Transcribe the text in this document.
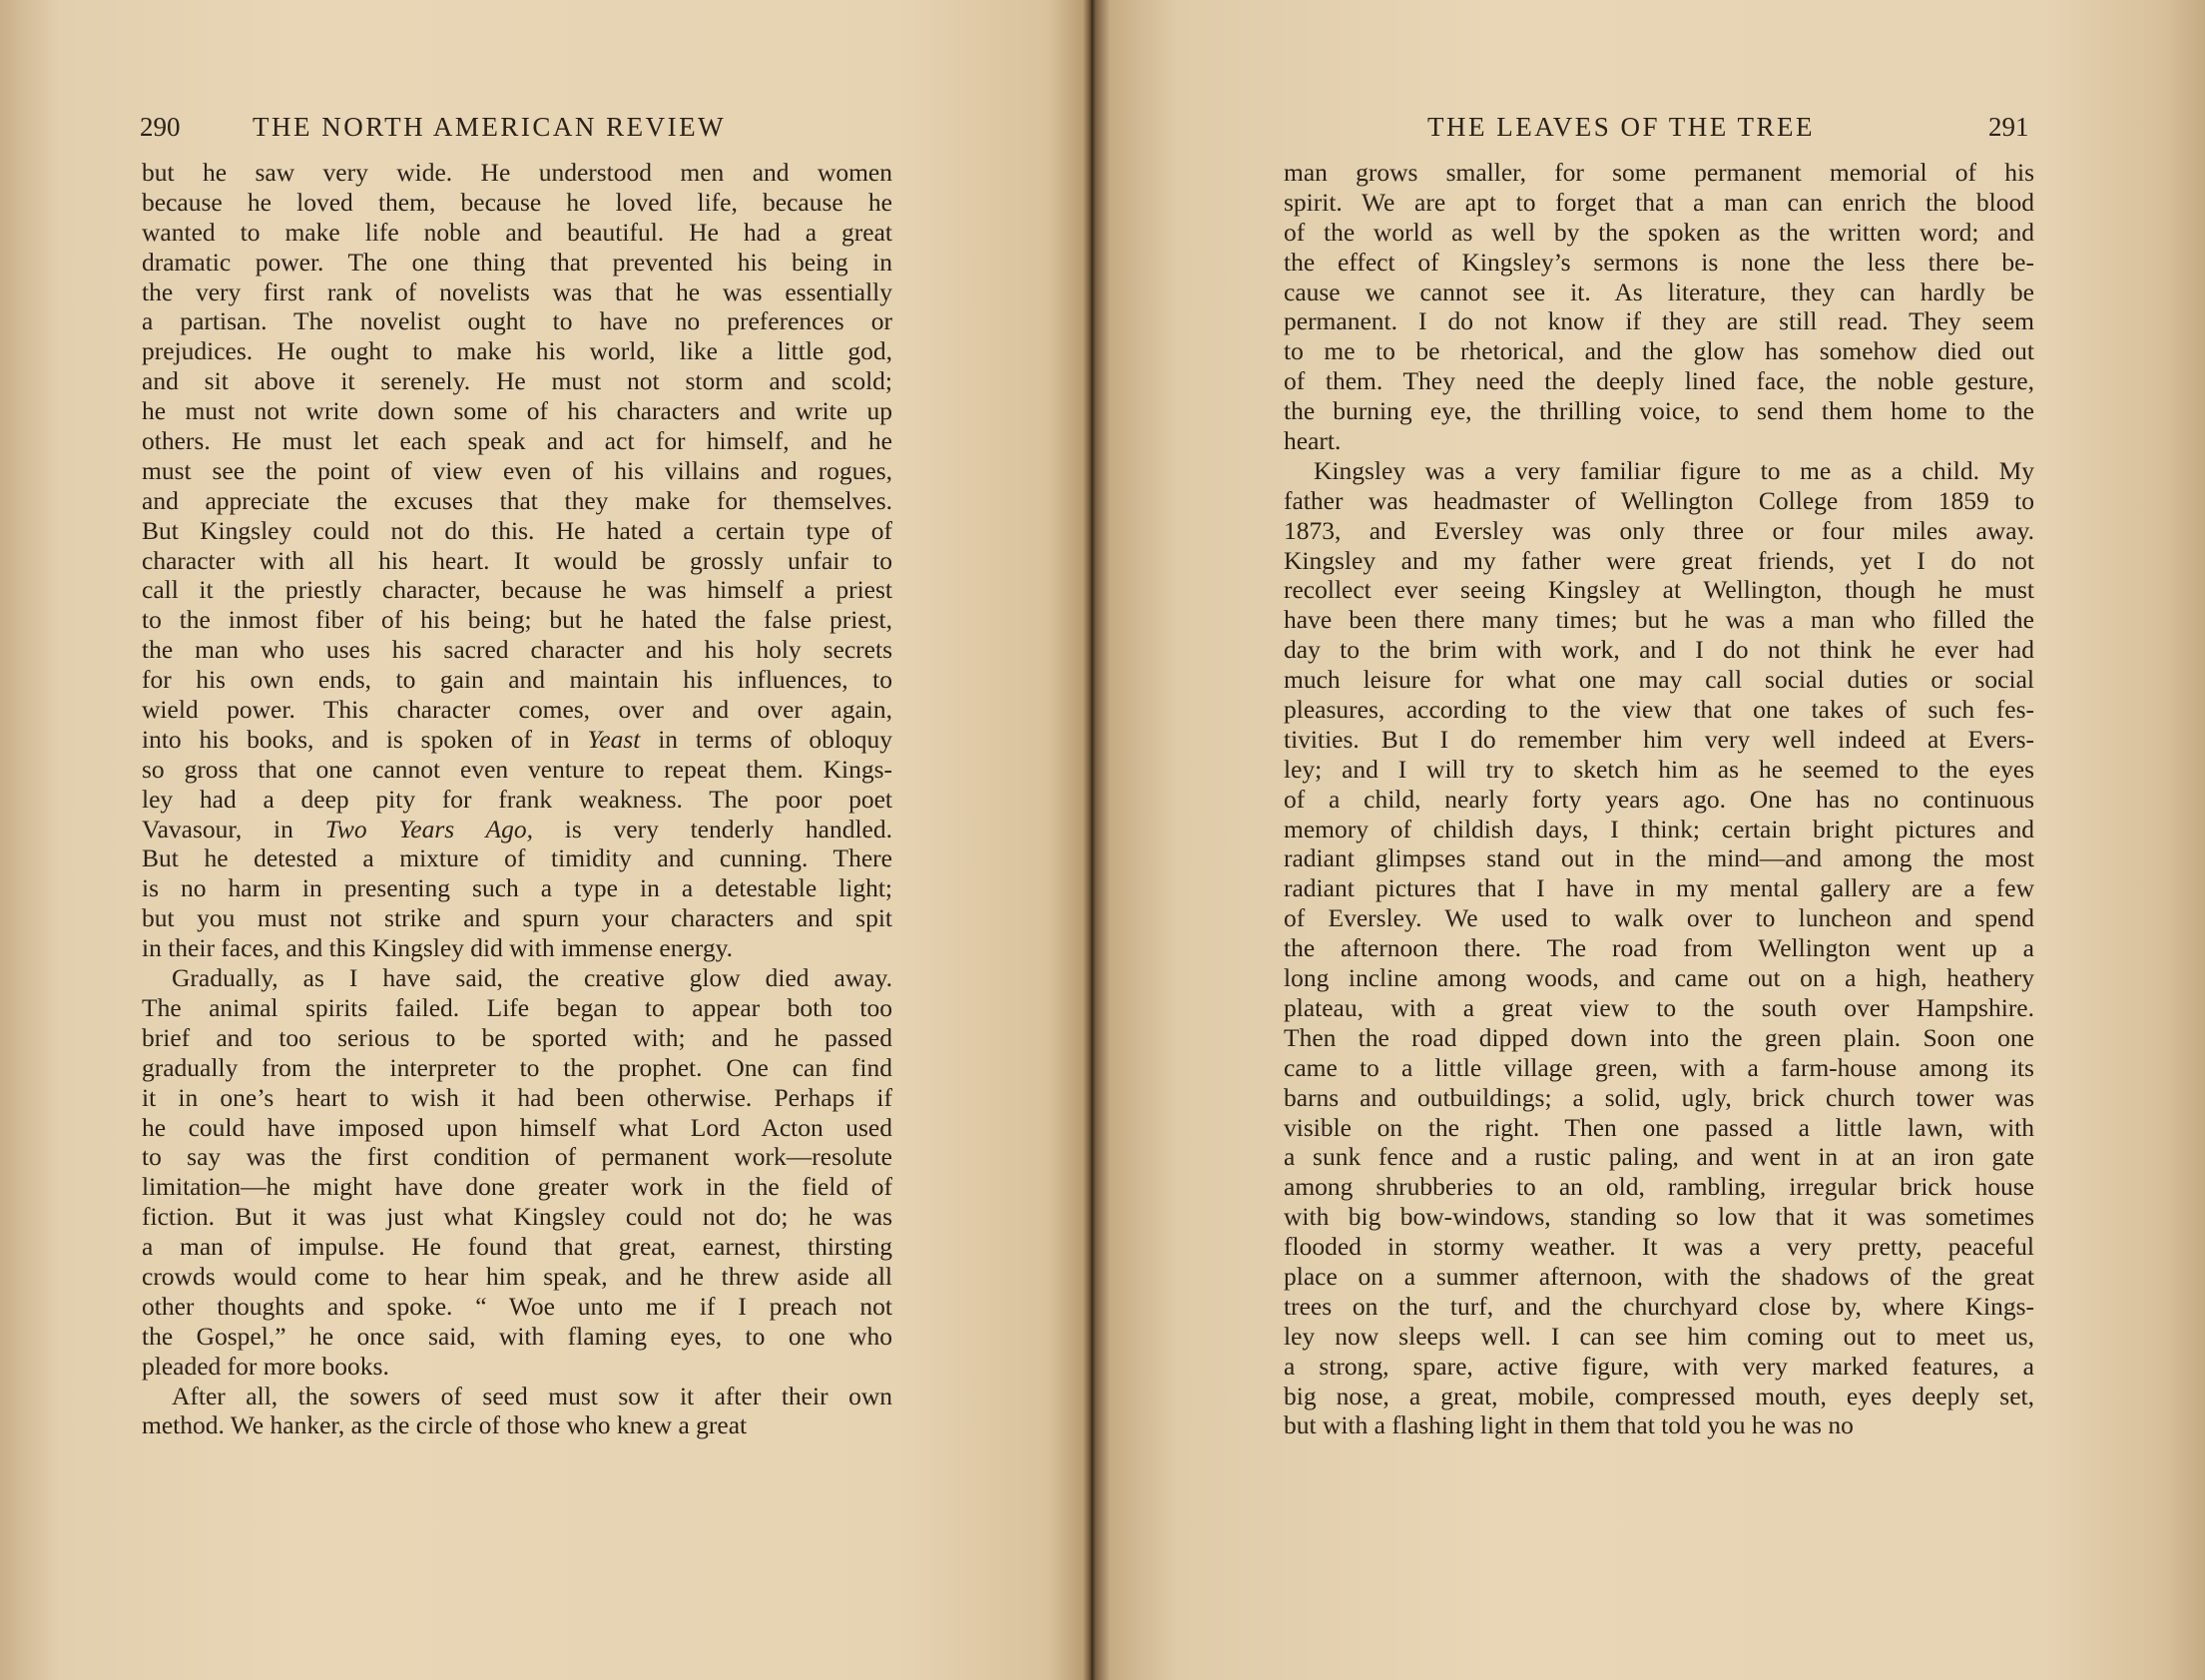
290	THE NORTH AMERICAN REVIEW
but he saw very wide. He understood men and women
because he loved them, because he loved life, because he
wanted to make life noble and beautiful. He had a great
dramatic power. The one thing that prevented his being in
the very first rank of novelists was that he was essentially
a partisan. The novelist ought to have no preferences or
prejudices. He ought to make his world, like a little god,
and sit above it serenely. He must not storm and scold;
he must not write down some of his characters and write up
others. He must let each speak and act for himself, and he
must see the point of view even of his villains and rogues,
and appreciate the excuses that they make for themselves.
But Kingsley could not do this. He hated a certain type of
character with all his heart. It would be grossly unfair to
call it the priestly character, because he was himself a priest
to the inmost fiber of his being; but he hated the false priest,
the man who uses his sacred character and his holy secrets
for his own ends, to gain and maintain his influences, to
wield power. This character comes, over and over again,
into his books, and is spoken of in Yeast in terms of obloquy
so gross that one cannot even venture to repeat them. Kings-
ley had a deep pity for frank weakness. The poor poet
Vavasour, in Two Years Ago, is very tenderly handled.
But he detested a mixture of timidity and cunning. There
is no harm in presenting such a type in a detestable light;
but you must not strike and spurn your characters and spit
in their faces, and this Kingsley did with immense energy.
Gradually, as I have said, the creative glow died away.
The animal spirits failed. Life began to appear both too
brief and too serious to be sported with; and he passed
gradually from the interpreter to the prophet. One can find
it in one’s heart to wish it had been otherwise. Perhaps if
he could have imposed upon himself what Lord Acton used
to say was the first condition of permanent work—resolute
limitation—he might have done greater work in the field of
fiction. But it was just what Kingsley could not do; he was
a man of impulse. He found that great, earnest, thirsting
crowds would come to hear him speak, and he threw aside all
other thoughts and spoke. “ Woe unto me if I preach not
the Gospel,” he once said, with flaming eyes, to one who
pleaded for more books.
After all, the sowers of seed must sow it after their own
method. We hanker, as the circle of those who knew a great
THE LEAVES OF THE TREE	291
man grows smaller, for some permanent memorial of his
spirit. We are apt to forget that a man can enrich the blood
of the world as well by the spoken as the written word; and
the effect of Kingsley’s sermons is none the less there be-
cause we cannot see it. As literature, they can hardly be
permanent. I do not know if they are still read. They seem
to me to be rhetorical, and the glow has somehow died out
of them. They need the deeply lined face, the noble gesture,
the burning eye, the thrilling voice, to send them home to the
heart.
Kingsley was a very familiar figure to me as a child. My
father was headmaster of Wellington College from 1859 to
1873, and Eversley was only three or four miles away.
Kingsley and my father were great friends, yet I do not
recollect ever seeing Kingsley at Wellington, though he must
have been there many times; but he was a man who filled the
day to the brim with work, and I do not think he ever had
much leisure for what one may call social duties or social
pleasures, according to the view that one takes of such fes-
tivities. But I do remember him very well indeed at Evers-
ley; and I will try to sketch him as he seemed to the eyes
of a child, nearly forty years ago. One has no continuous
memory of childish days, I think; certain bright pictures and
radiant glimpses stand out in the mind—and among the most
radiant pictures that I have in my mental gallery are a few
of Eversley. We used to walk over to luncheon and spend
the afternoon there. The road from Wellington went up a
long incline among woods, and came out on a high, heathery
plateau, with a great view to the south over Hampshire.
Then the road dipped down into the green plain. Soon one
came to a little village green, with a farm-house among its
barns and outbuildings; a solid, ugly, brick church tower was
visible on the right. Then one passed a little lawn, with
a sunk fence and a rustic paling, and went in at an iron gate
among shrubberies to an old, rambling, irregular brick house
with big bow-windows, standing so low that it was sometimes
flooded in stormy weather. It was a very pretty, peaceful
place on a summer afternoon, with the shadows of the great
trees on the turf, and the churchyard close by, where Kings-
ley now sleeps well. I can see him coming out to meet us,
a strong, spare, active figure, with very marked features, a
big nose, a great, mobile, compressed mouth, eyes deeply set,
but with a flashing light in them that told you he was no
